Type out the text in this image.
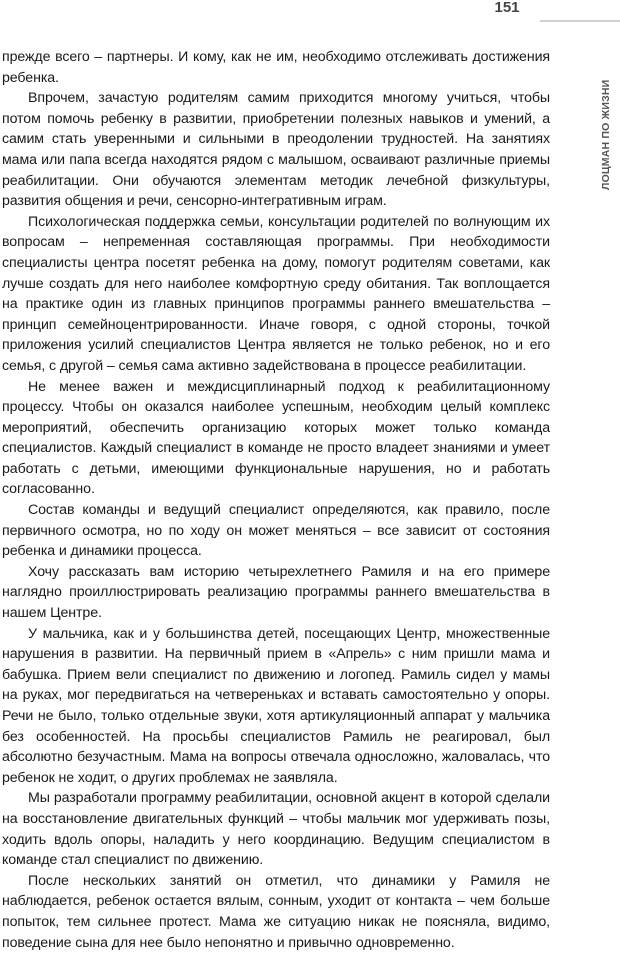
151
ЛОЦМАН ПО ЖИЗНИ

прежде всего – партнеры. И кому, как не им, необходимо отслеживать достижения ребенка.

Впрочем, зачастую родителям самим приходится многому учиться, чтобы потом помочь ребенку в развитии, приобретении полезных навыков и умений, а самим стать уверенными и сильными в преодолении трудностей. На занятиях мама или папа всегда находятся рядом с малышом, осваивают различные приемы реабилитации. Они обучаются элементам методик лечебной физкультуры, развития общения и речи, сенсорно-интегративным играм.

Психологическая поддержка семьи, консультации родителей по волнующим их вопросам – непременная составляющая программы. При необходимости специалисты центра посетят ребенка на дому, помогут родителям советами, как лучше создать для него наиболее комфортную среду обитания. Так воплощается на практике один из главных принципов программы раннего вмешательства – принцип семейноцентрированности. Иначе говоря, с одной стороны, точкой приложения усилий специалистов Центра является не только ребенок, но и его семья, с другой – семья сама активно задействована в процессе реабилитации.

Не менее важен и междисциплинарный подход к реабилитационному процессу. Чтобы он оказался наиболее успешным, необходим целый комплекс мероприятий, обеспечить организацию которых может только команда специалистов. Каждый специалист в команде не просто владеет знаниями и умеет работать с детьми, имеющими функциональные нарушения, но и работать согласованно.

Состав команды и ведущий специалист определяются, как правило, после первичного осмотра, но по ходу он может меняться – все зависит от состояния ребенка и динамики процесса.

Хочу рассказать вам историю четырехлетнего Рамиля и на его примере наглядно проиллюстрировать реализацию программы раннего вмешательства в нашем Центре.

У мальчика, как и у большинства детей, посещающих Центр, множественные нарушения в развитии. На первичный прием в «Апрель» с ним пришли мама и бабушка. Прием вели специалист по движению и логопед. Рамиль сидел у мамы на руках, мог передвигаться на четвереньках и вставать самостоятельно у опоры. Речи не было, только отдельные звуки, хотя артикуляционный аппарат у мальчика без особенностей. На просьбы специалистов Рамиль не реагировал, был абсолютно безучастным. Мама на вопросы отвечала односложно, жаловалась, что ребенок не ходит, о других проблемах не заявляла.

Мы разработали программу реабилитации, основной акцент в которой сделали на восстановление двигательных функций – чтобы мальчик мог удерживать позы, ходить вдоль опоры, наладить у него координацию. Ведущим специалистом в команде стал специалист по движению.

После нескольких занятий он отметил, что динамики у Рамиля не наблюдается, ребенок остается вялым, сонным, уходит от контакта – чем больше попыток, тем сильнее протест. Мама же ситуацию никак не поясняла, видимо, поведение сына для нее было непонятно и привычно одновременно.
